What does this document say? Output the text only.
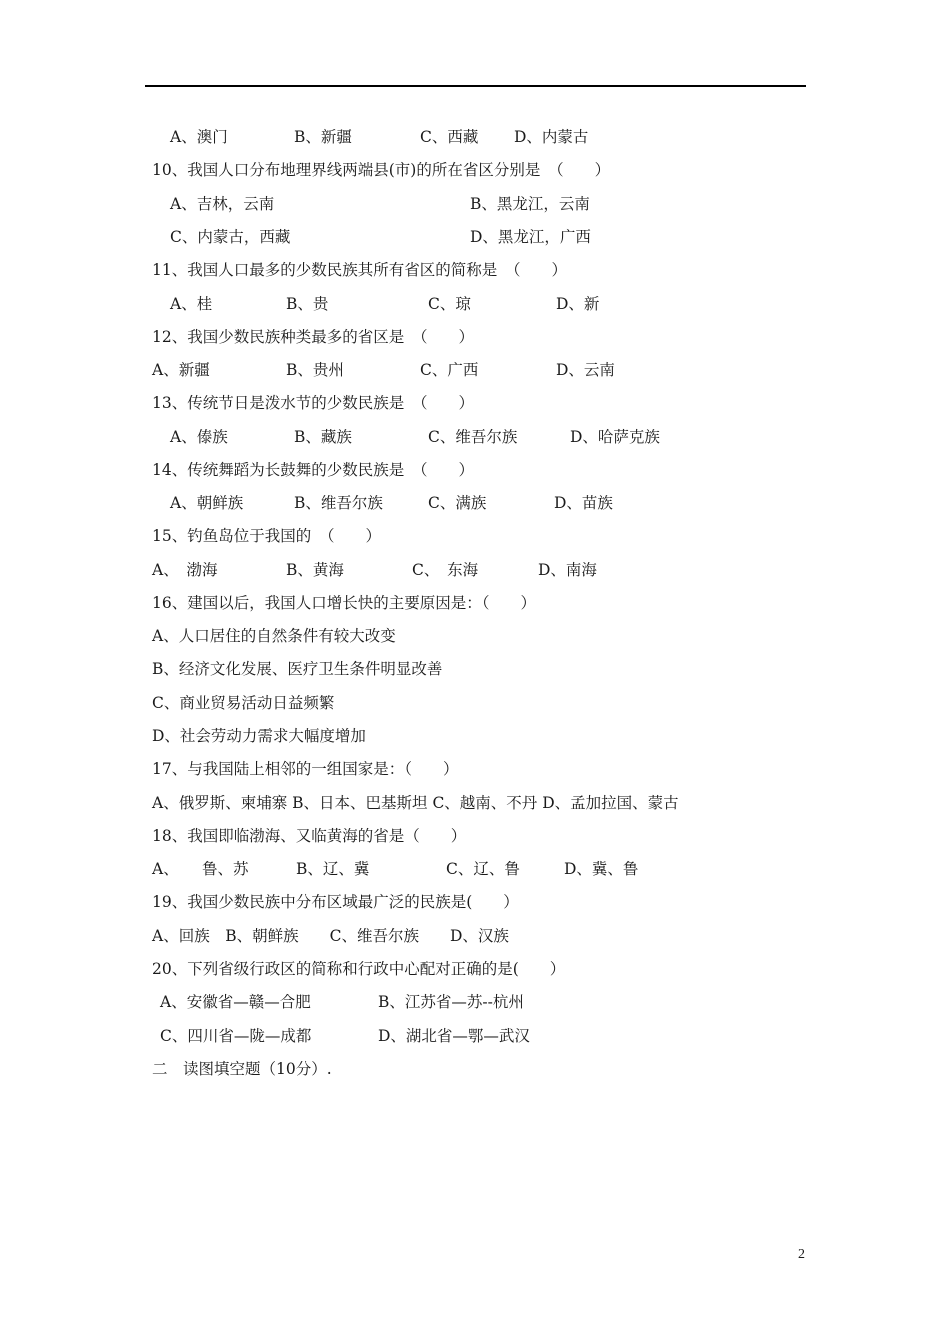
A、澳门	B、新疆	C、西藏 D、内蒙古
10、我国人口分布地理界线两端县(市)的所在省区分别是　（　　）
A、吉林，云南	B、黑龙江，云南
C、内蒙古，西藏	D、黑龙江，广西
11、我国人口最多的少数民族其所有省区的简称是　（　　）
A、桂	B、贵	C、琼	D、新
12、我国少数民族种类最多的省区是　（　　）
A、新疆	B、贵州	C、广西	D、云南
13、传统节日是泼水节的少数民族是　（　　）
A、傣族	B、藏族	C、维吾尔族	D、哈萨克族
14、传统舞蹈为长鼓舞的少数民族是　（　　）
A、朝鲜族	B、维吾尔族	C、满族	D、苗族
15、钓鱼岛位于我国的　（　　）
A、　渤海	B、黄海	C、　东海	D、南海
16、建国以后，我国人口增长快的主要原因是：（　　）
A、人口居住的自然条件有较大改变
B、经济文化发展、医疗卫生条件明显改善
C、商业贸易活动日益频繁
D、社会劳动力需求大幅度增加
17、与我国陆上相邻的一组国家是：（　　）
A、俄罗斯、柬埔寨 B、日本、巴基斯坦 C、越南、不丹 D、孟加拉国、蒙古
18、我国即临渤海、又临黄海的省是（　　）
A、　　鲁、苏	B、辽、冀	C、辽、鲁	D、冀、鲁
19、我国少数民族中分布区域最广泛的民族是(　　）
A、回族　B、朝鲜族　　C、维吾尔族　　D、汉族
20、下列省级行政区的简称和行政中心配对正确的是(　　）
A、安徽省—赣—合肥	B、江苏省—苏--杭州
C、四川省—陇—成都	D、湖北省—鄂—武汉
二　读图填空题（10分）.
2
